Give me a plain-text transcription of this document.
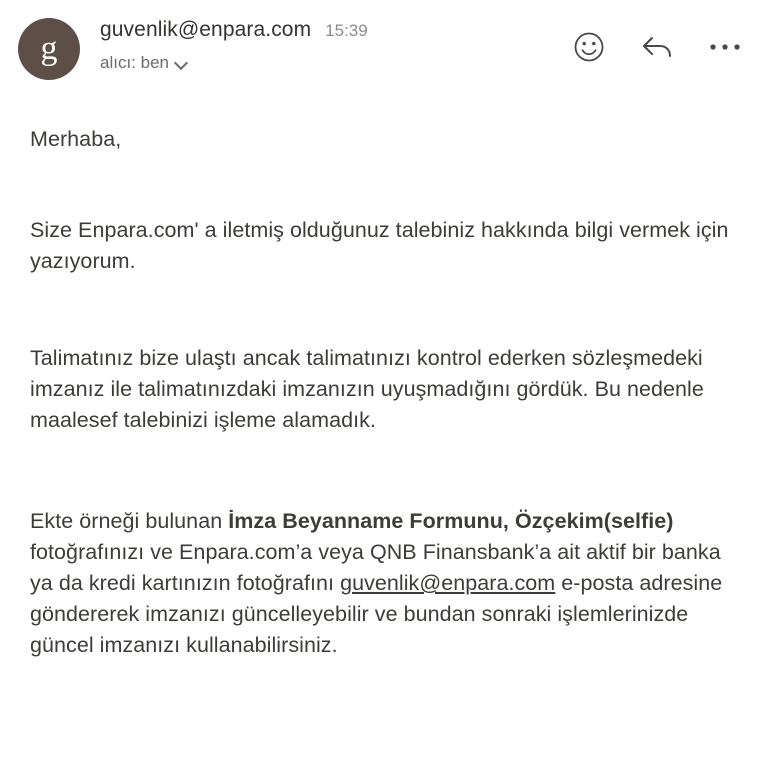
g
guvenlik@enpara.com 15:39
alıcı: ben

Merhaba,

Size Enpara.com' a iletmiş olduğunuz talebiniz hakkında bilgi vermek için yazıyorum.

Talimatınız bize ulaştı ancak talimatınızı kontrol ederken sözleşmedeki imzanız ile talimatınızdaki imzanızın uyuşmadığını gördük. Bu nedenle maalesef talebinizi işleme alamadık.

Ekte örneği bulunan İmza Beyanname Formunu, Özçekim(selfie) fotoğrafınızı ve Enpara.com’a veya QNB Finansbank’a ait aktif bir banka ya da kredi kartınızın fotoğrafını guvenlik@enpara.com e-posta adresine göndererek imzanızı güncelleyebilir ve bundan sonraki işlemlerinizde güncel imzanızı kullanabilirsiniz.
